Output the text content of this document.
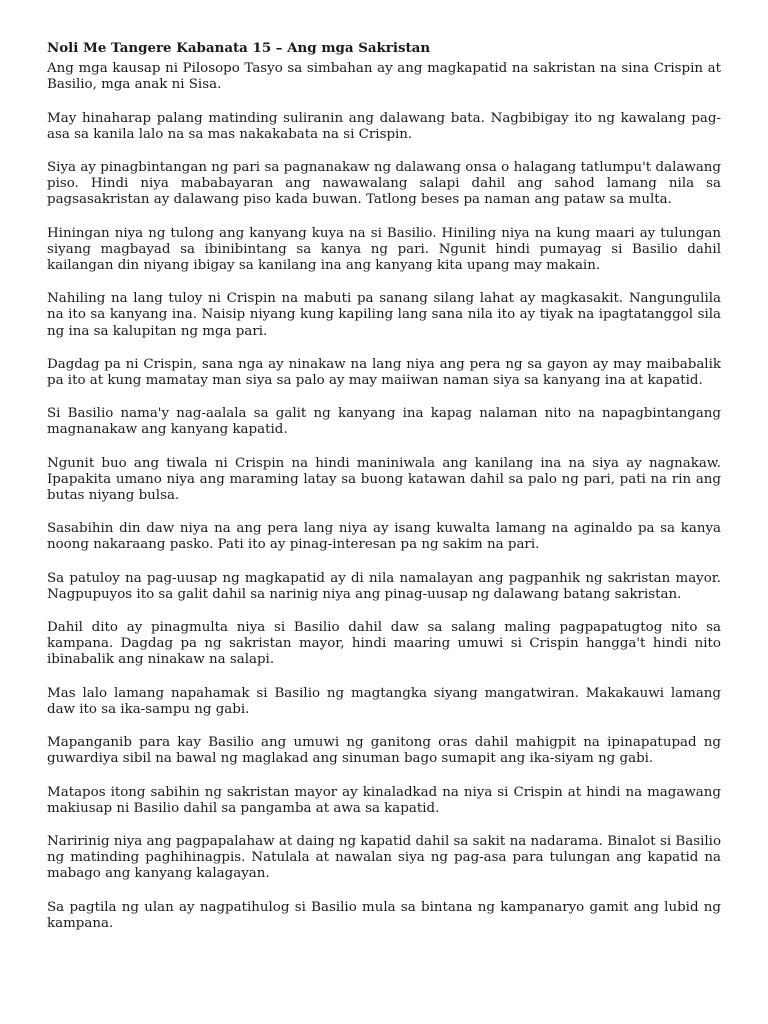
Noli Me Tangere Kabanata 15 – Ang mga Sakristan

Ang mga kausap ni Pilosopo Tasyo sa simbahan ay ang magkapatid na sakristan na sina Crispin at Basilio, mga anak ni Sisa.

May hinaharap palang matinding suliranin ang dalawang bata. Nagbibigay ito ng kawalang pag-asa sa kanila lalo na sa mas nakakabata na si Crispin.

Siya ay pinagbintangan ng pari sa pagnanakaw ng dalawang onsa o halagang tatlumpu't dalawang piso. Hindi niya mababayaran ang nawawalang salapi dahil ang sahod lamang nila sa pagsasakristan ay dalawang piso kada buwan. Tatlong beses pa naman ang pataw sa multa.

Hiningan niya ng tulong ang kanyang kuya na si Basilio. Hiniling niya na kung maari ay tulungan siyang magbayad sa ibinibintang sa kanya ng pari. Ngunit hindi pumayag si Basilio dahil kailangan din niyang ibigay sa kanilang ina ang kanyang kita upang may makain.

Nahiling na lang tuloy ni Crispin na mabuti pa sanang silang lahat ay magkasakit. Nangungulila na ito sa kanyang ina. Naisip niyang kung kapiling lang sana nila ito ay tiyak na ipagtatanggol sila ng ina sa kalupitan ng mga pari.

Dagdag pa ni Crispin, sana nga ay ninakaw na lang niya ang pera ng sa gayon ay may maibabalik pa ito at kung mamatay man siya sa palo ay may maiiwan naman siya sa kanyang ina at kapatid.

Si Basilio nama'y nag-aalala sa galit ng kanyang ina kapag nalaman nito na napagbintangang magnanakaw ang kanyang kapatid.

Ngunit buo ang tiwala ni Crispin na hindi maniniwala ang kanilang ina na siya ay nagnakaw. Ipapakita umano niya ang maraming latay sa buong katawan dahil sa palo ng pari, pati na rin ang butas niyang bulsa.

Sasabihin din daw niya na ang pera lang niya ay isang kuwalta lamang na aginaldo pa sa kanya noong nakaraang pasko. Pati ito ay pinag-interesan pa ng sakim na pari.

Sa patuloy na pag-uusap ng magkapatid ay di nila namalayan ang pagpanhik ng sakristan mayor. Nagpupuyos ito sa galit dahil sa narinig niya ang pinag-uusap ng dalawang batang sakristan.

Dahil dito ay pinagmulta niya si Basilio dahil daw sa salang maling pagpapatugtog nito sa kampana. Dagdag pa ng sakristan mayor, hindi maaring umuwi si Crispin hangga't hindi nito ibinabalik ang ninakaw na salapi.

Mas lalo lamang napahamak si Basilio ng magtangka siyang mangatwiran. Makakauwi lamang daw ito sa ika-sampu ng gabi.

Mapanganib para kay Basilio ang umuwi ng ganitong oras dahil mahigpit na ipinapatupad ng guwardiya sibil na bawal ng maglakad ang sinuman bago sumapit ang ika-siyam ng gabi.

Matapos itong sabihin ng sakristan mayor ay kinaladkad na niya si Crispin at hindi na magawang makiusap ni Basilio dahil sa pangamba at awa sa kapatid.

Naririnig niya ang pagpapalahaw at daing ng kapatid dahil sa sakit na nadarama. Binalot si Basilio ng matinding paghihinagpis. Natulala at nawalan siya ng pag-asa para tulungan ang kapatid na mabago ang kanyang kalagayan.

Sa pagtila ng ulan ay nagpatihulog si Basilio mula sa bintana ng kampanaryo gamit ang lubid ng kampana.
